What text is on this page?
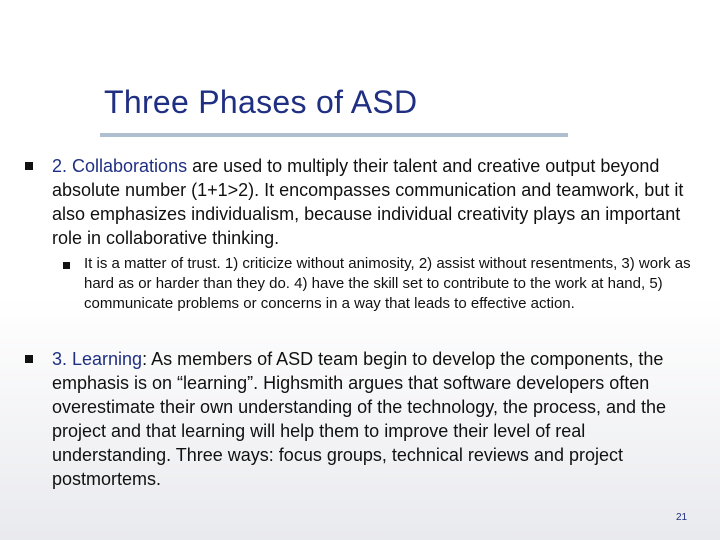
Three Phases of ASD
2. Collaborations are used to multiply their talent and creative output beyond absolute number (1+1>2). It encompasses communication and teamwork, but it also emphasizes individualism, because individual creativity plays an important role in collaborative thinking.
It is a matter of trust. 1) criticize without animosity, 2) assist without resentments, 3) work as hard as or harder than they do. 4) have the skill set to contribute to the work at hand, 5) communicate problems or concerns in a way that leads to effective action.
3. Learning: As members of ASD team begin to develop the components, the emphasis is on “learning”. Highsmith argues that software developers often overestimate their own understanding of the technology, the process, and the project and that learning will help them to improve their level of real understanding. Three ways: focus groups, technical reviews and project postmortems.
21
